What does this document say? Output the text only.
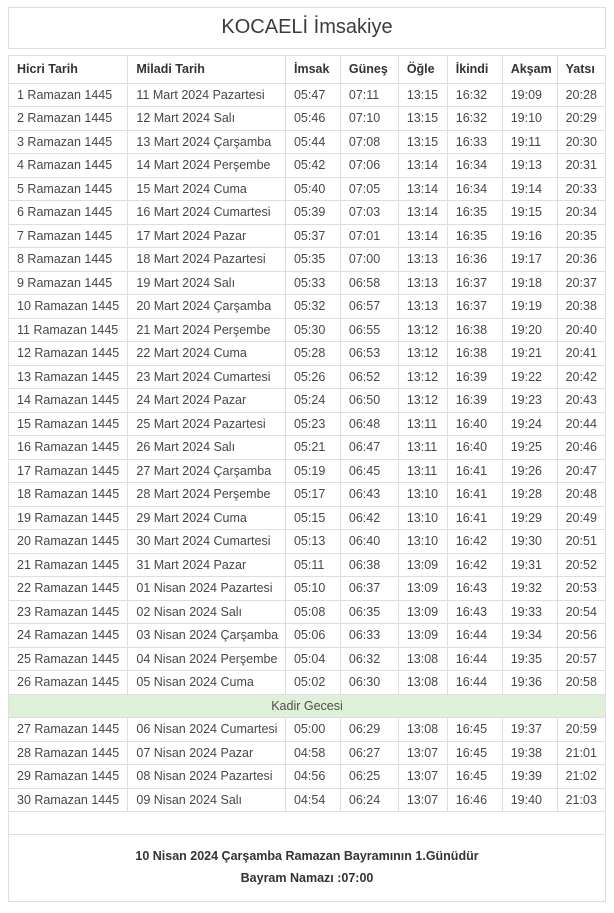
KOCAELİ İmsakiye
Hicri Tarih	Miladi Tarih	İmsak	Güneş	Öğle	İkindi	Akşam	Yatsı
1 Ramazan 1445	11 Mart 2024 Pazartesi	05:47	07:11	13:15	16:32	19:09	20:28
2 Ramazan 1445	12 Mart 2024 Salı	05:46	07:10	13:15	16:32	19:10	20:29
3 Ramazan 1445	13 Mart 2024 Çarşamba	05:44	07:08	13:15	16:33	19:11	20:30
4 Ramazan 1445	14 Mart 2024 Perşembe	05:42	07:06	13:14	16:34	19:13	20:31
5 Ramazan 1445	15 Mart 2024 Cuma	05:40	07:05	13:14	16:34	19:14	20:33
6 Ramazan 1445	16 Mart 2024 Cumartesi	05:39	07:03	13:14	16:35	19:15	20:34
7 Ramazan 1445	17 Mart 2024 Pazar	05:37	07:01	13:14	16:35	19:16	20:35
8 Ramazan 1445	18 Mart 2024 Pazartesi	05:35	07:00	13:13	16:36	19:17	20:36
9 Ramazan 1445	19 Mart 2024 Salı	05:33	06:58	13:13	16:37	19:18	20:37
10 Ramazan 1445	20 Mart 2024 Çarşamba	05:32	06:57	13:13	16:37	19:19	20:38
11 Ramazan 1445	21 Mart 2024 Perşembe	05:30	06:55	13:12	16:38	19:20	20:40
12 Ramazan 1445	22 Mart 2024 Cuma	05:28	06:53	13:12	16:38	19:21	20:41
13 Ramazan 1445	23 Mart 2024 Cumartesi	05:26	06:52	13:12	16:39	19:22	20:42
14 Ramazan 1445	24 Mart 2024 Pazar	05:24	06:50	13:12	16:39	19:23	20:43
15 Ramazan 1445	25 Mart 2024 Pazartesi	05:23	06:48	13:11	16:40	19:24	20:44
16 Ramazan 1445	26 Mart 2024 Salı	05:21	06:47	13:11	16:40	19:25	20:46
17 Ramazan 1445	27 Mart 2024 Çarşamba	05:19	06:45	13:11	16:41	19:26	20:47
18 Ramazan 1445	28 Mart 2024 Perşembe	05:17	06:43	13:10	16:41	19:28	20:48
19 Ramazan 1445	29 Mart 2024 Cuma	05:15	06:42	13:10	16:41	19:29	20:49
20 Ramazan 1445	30 Mart 2024 Cumartesi	05:13	06:40	13:10	16:42	19:30	20:51
21 Ramazan 1445	31 Mart 2024 Pazar	05:11	06:38	13:09	16:42	19:31	20:52
22 Ramazan 1445	01 Nisan 2024 Pazartesi	05:10	06:37	13:09	16:43	19:32	20:53
23 Ramazan 1445	02 Nisan 2024 Salı	05:08	06:35	13:09	16:43	19:33	20:54
24 Ramazan 1445	03 Nisan 2024 Çarşamba	05:06	06:33	13:09	16:44	19:34	20:56
25 Ramazan 1445	04 Nisan 2024 Perşembe	05:04	06:32	13:08	16:44	19:35	20:57
26 Ramazan 1445	05 Nisan 2024 Cuma	05:02	06:30	13:08	16:44	19:36	20:58
Kadir Gecesi							
27 Ramazan 1445	06 Nisan 2024 Cumartesi	05:00	06:29	13:08	16:45	19:37	20:59
28 Ramazan 1445	07 Nisan 2024 Pazar	04:58	06:27	13:07	16:45	19:38	21:01
29 Ramazan 1445	08 Nisan 2024 Pazartesi	04:56	06:25	13:07	16:45	19:39	21:02
30 Ramazan 1445	09 Nisan 2024 Salı	04:54	06:24	13:07	16:46	19:40	21:03

10 Nisan 2024 Çarşamba Ramazan Bayramının 1.Günüdür

Bayram Namazı :07:00
